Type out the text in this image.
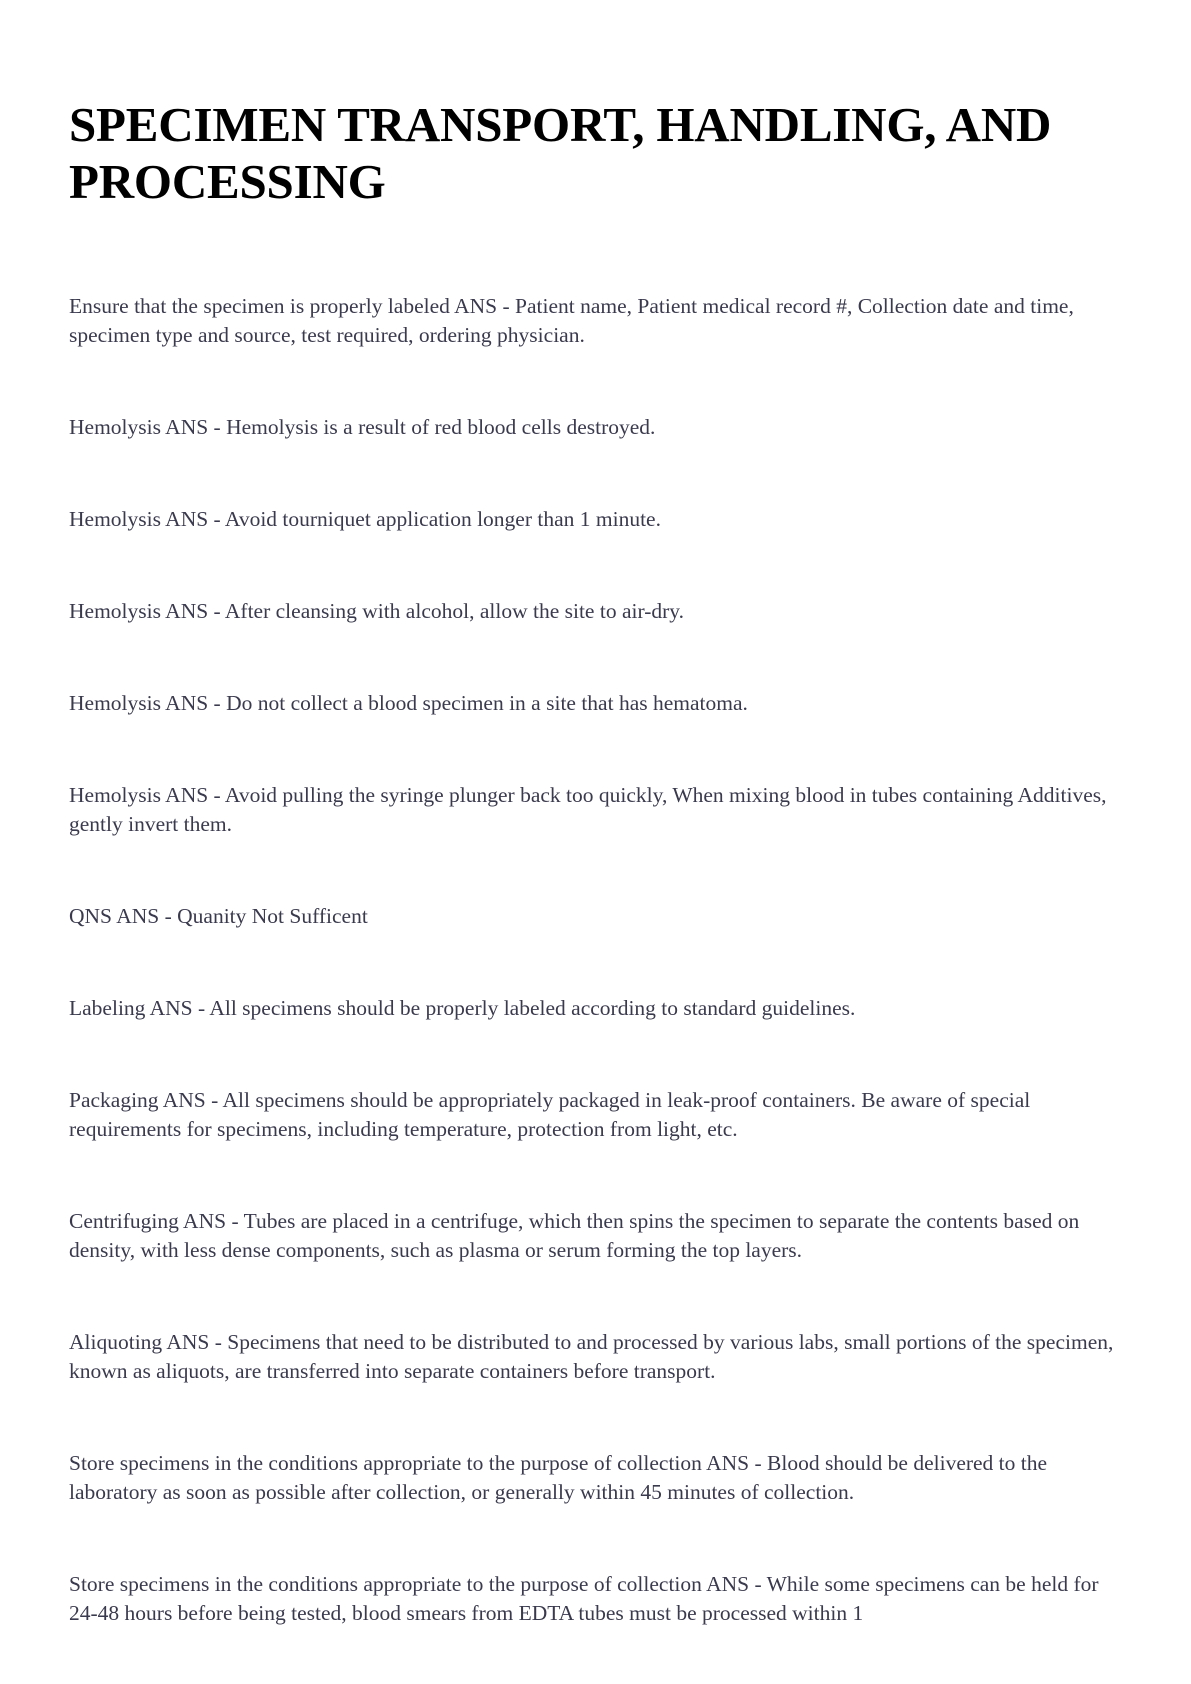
SPECIMEN TRANSPORT, HANDLING, AND PROCESSING

Ensure that the specimen is properly labeled ANS - Patient name, Patient medical record #, Collection date and time, specimen type and source, test required, ordering physician.

Hemolysis ANS - Hemolysis is a result of red blood cells destroyed.

Hemolysis ANS - Avoid tourniquet application longer than 1 minute.

Hemolysis ANS - After cleansing with alcohol, allow the site to air-dry.

Hemolysis ANS - Do not collect a blood specimen in a site that has hematoma.

Hemolysis ANS - Avoid pulling the syringe plunger back too quickly, When mixing blood in tubes containing Additives, gently invert them.

QNS ANS - Quanity Not Sufficent

Labeling ANS - All specimens should be properly labeled according to standard guidelines.

Packaging ANS - All specimens should be appropriately packaged in leak-proof containers. Be aware of special requirements for specimens, including temperature, protection from light, etc.

Centrifuging ANS - Tubes are placed in a centrifuge, which then spins the specimen to separate the contents based on density, with less dense components, such as plasma or serum forming the top layers.

Aliquoting ANS - Specimens that need to be distributed to and processed by various labs, small portions of the specimen, known as aliquots, are transferred into separate containers before transport.

Store specimens in the conditions appropriate to the purpose of collection ANS - Blood should be delivered to the laboratory as soon as possible after collection, or generally within 45 minutes of collection.

Store specimens in the conditions appropriate to the purpose of collection ANS - While some specimens can be held for 24-48 hours before being tested, blood smears from EDTA tubes must be processed within 1
